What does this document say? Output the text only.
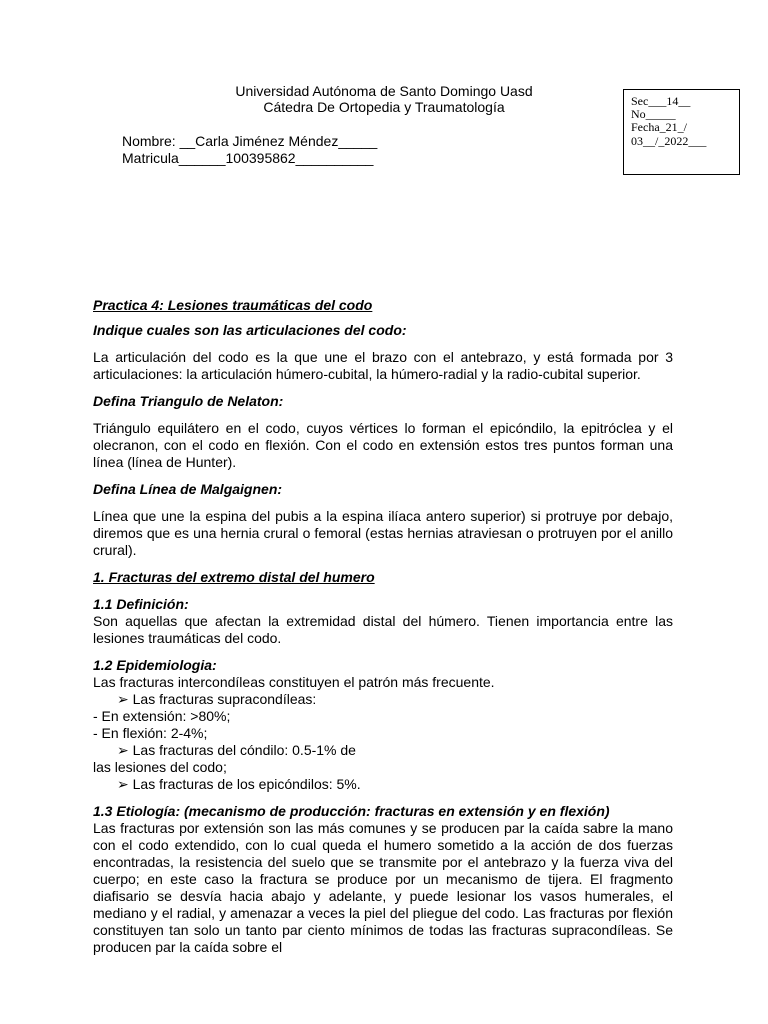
Universidad Autónoma de Santo Domingo Uasd
Cátedra De Ortopedia y Traumatología
Nombre: __Carla Jiménez Méndez_____
Matricula______100395862__________
Sec___14__
No_____
Fecha_21_/
03__/_2022___

Practica 4: Lesiones traumáticas del codo

Indique cuales son las articulaciones del codo:

La articulación del codo es la que une el brazo con el antebrazo, y está formada por 3 articulaciones: la articulación húmero-cubital, la húmero-radial y la radio-cubital superior.

Defina Triangulo de Nelaton:

Triángulo equilátero en el codo, cuyos vértices lo forman el epicóndilo, la epitróclea y el olecranon, con el codo en flexión. Con el codo en extensión estos tres puntos forman una línea (línea de Hunter).

Defina Línea de Malgaignen:

Línea que une la espina del pubis a la espina ilíaca antero superior) si protruye por debajo, diremos que es una hernia crural o femoral (estas hernias atraviesan o protruyen por el anillo crural).

1. Fracturas del extremo distal del humero

1.1 Definición:

Son aquellas que afectan la extremidad distal del húmero. Tienen importancia entre las lesiones traumáticas del codo.

1.2 Epidemiologia:

Las fracturas intercondíleas constituyen el patrón más frecuente.

➢ Las fracturas supracondíleas:

- En extensión: >80%;

- En flexión: 2-4%;

➢ Las fracturas del cóndilo: 0.5-1% de

las lesiones del codo;

➢ Las fracturas de los epicóndilos: 5%.

1.3 Etiología: (mecanismo de producción: fracturas en extensión y en flexión)

Las fracturas por extensión son las más comunes y se producen par la caída sabre la mano con el codo extendido, con lo cual queda el humero sometido a la acción de dos fuerzas encontradas, la resistencia del suelo que se transmite por el antebrazo y la fuerza viva del cuerpo; en este caso la fractura se produce por un mecanismo de tijera. El fragmento diafisario se desvía hacia abajo y adelante, y puede lesionar los vasos humerales, el mediano y el radial, y amenazar a veces la piel del pliegue del codo. Las fracturas por flexión constituyen tan solo un tanto par ciento mínimos de todas las fracturas supracondíleas. Se producen par la caída sobre el
